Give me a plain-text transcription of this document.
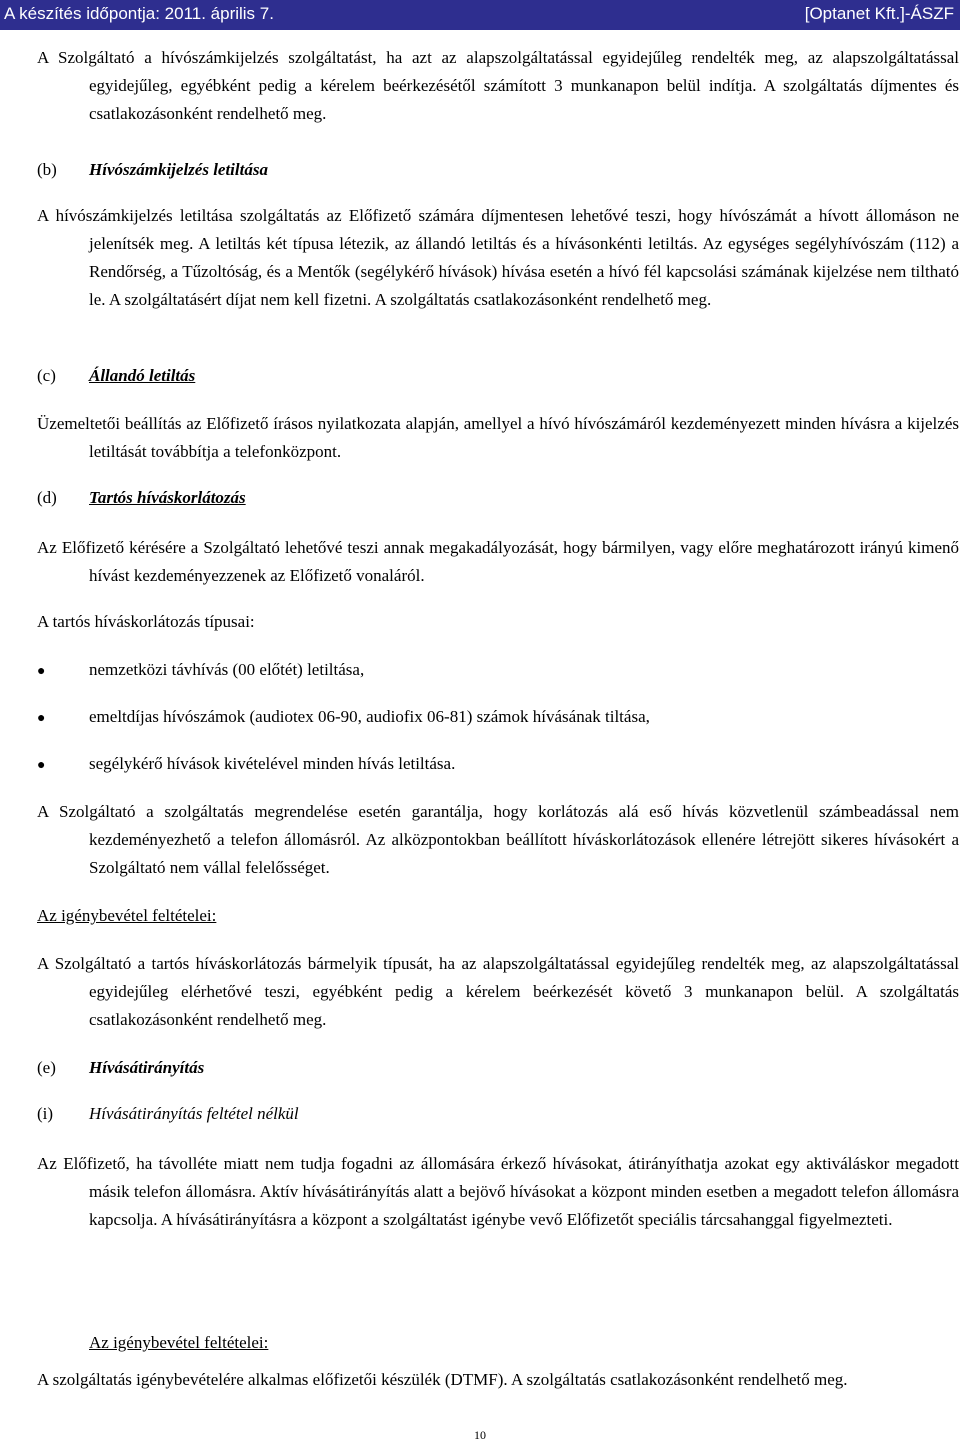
A készítés időpontja: 2011. április 7.	[Optanet Kft.]-ÁSZF

A Szolgáltató a hívószámkijelzés szolgáltatást, ha azt az alapszolgáltatással egyidejűleg rendelték meg, az alapszolgáltatással egyidejűleg, egyébként pedig a kérelem beérkezésétől számított 3 munkanapon belül indítja. A szolgáltatás díjmentes és csatlakozásonként rendelhető meg.

(b) Hívószámkijelzés letiltása

A hívószámkijelzés letiltása szolgáltatás az Előfizető számára díjmentesen lehetővé teszi, hogy hívószámát a hívott állomáson ne jelenítsék meg. A letiltás két típusa létezik, az állandó letiltás és a hívásonkénti letiltás. Az egységes segélyhívószám (112) a Rendőrség, a Tűzoltóság, és a Mentők (segélykérő hívások) hívása esetén a hívó fél kapcsolási számának kijelzése nem tiltható le. A szolgáltatásért díjat nem kell fizetni. A szolgáltatás csatlakozásonként rendelhető meg.

(c) Állandó letiltás

Üzemeltetői beállítás az Előfizető írásos nyilatkozata alapján, amellyel a hívó hívószámáról kezdeményezett minden hívásra a kijelzés letiltását továbbítja a telefonközpont.

(d) Tartós híváskorlátozás

Az Előfizető kérésére a Szolgáltató lehetővé teszi annak megakadályozását, hogy bármilyen, vagy előre meghatározott irányú kimenő hívást kezdeményezzenek az Előfizető vonaláról.

A tartós híváskorlátozás típusai:

●	nemzetközi távhívás (00 előtét) letiltása,
●	emeltdíjas hívószámok (audiotex 06-90, audiofix 06-81) számok hívásának tiltása,
●	segélykérő hívások kivételével minden hívás letiltása.

A Szolgáltató a szolgáltatás megrendelése esetén garantálja, hogy korlátozás alá eső hívás közvetlenül számbeadással nem kezdeményezhető a telefon állomásról. Az alközpontokban beállított híváskorlátozások ellenére létrejött sikeres hívásokért a Szolgáltató nem vállal felelősséget.

Az igénybevétel feltételei:

A Szolgáltató a tartós híváskorlátozás bármelyik típusát, ha az alapszolgáltatással egyidejűleg rendelték meg, az alapszolgáltatással egyidejűleg elérhetővé teszi, egyébként pedig a kérelem beérkezését követő 3 munkanapon belül. A szolgáltatás csatlakozásonként rendelhető meg.

(e) Hívásátirányítás
(i) Hívásátirányítás feltétel nélkül

Az Előfizető, ha távolléte miatt nem tudja fogadni az állomására érkező hívásokat, átirányíthatja azokat egy aktiváláskor megadott másik telefon állomásra. Aktív hívásátirányítás alatt a bejövő hívásokat a központ minden esetben a megadott telefon állomásra kapcsolja. A hívásátirányításra a központ a szolgáltatást igénybe vevő Előfizetőt speciális tárcsahanggal figyelmezteti.

Az igénybevétel feltételei:

A szolgáltatás igénybevételére alkalmas előfizetői készülék (DTMF). A szolgáltatás csatlakozásonként rendelhető meg.

10
